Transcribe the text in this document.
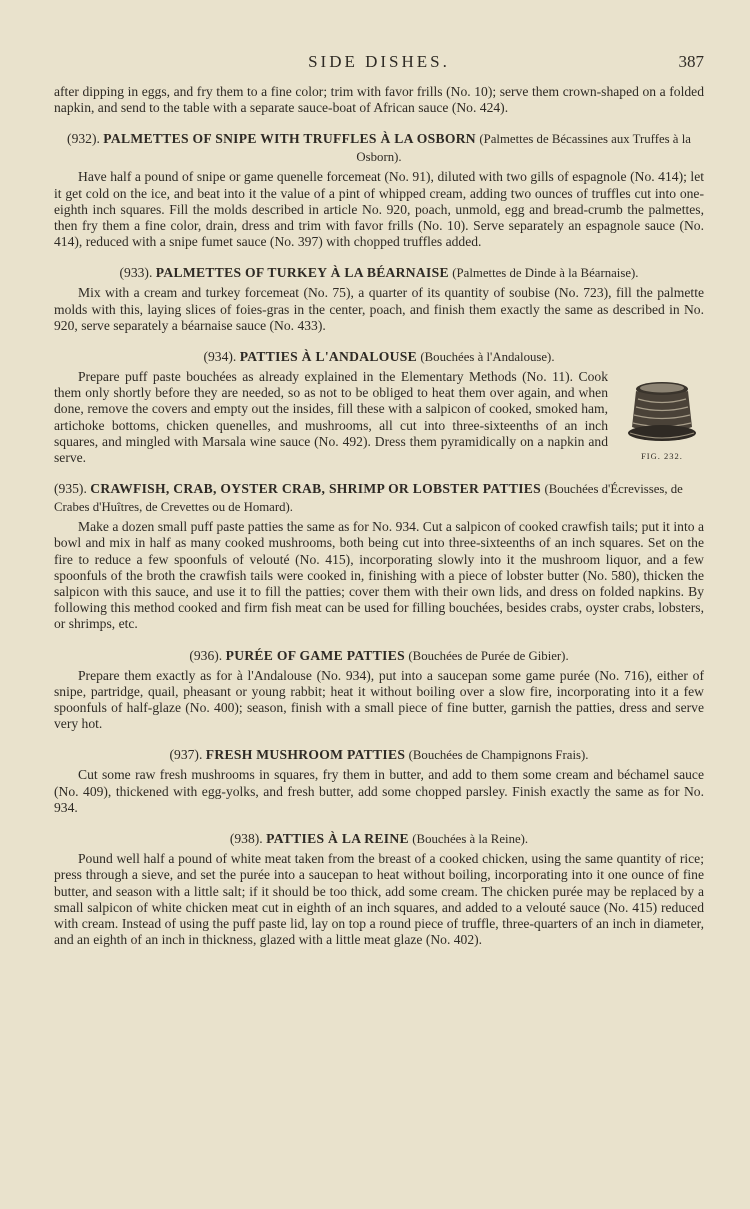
SIDE DISHES.	387

after dipping in eggs, and fry them to a fine color; trim with favor frills (No. 10); serve them crown-shaped on a folded napkin, and send to the table with a separate sauce-boat of African sauce (No. 424).

(932). PALMETTES OF SNIPE WITH TRUFFLES À LA OSBORN (Palmettes de Bécassines aux Truffes à la Osborn).

Have half a pound of snipe or game quenelle forcemeat (No. 91), diluted with two gills of espagnole (No. 414); let it get cold on the ice, and beat into it the value of a pint of whipped cream, adding two ounces of truffles cut into one-eighth inch squares. Fill the molds described in article No. 920, poach, unmold, egg and bread-crumb the palmettes, then fry them a fine color, drain, dress and trim with favor frills (No. 10). Serve separately an espagnole sauce (No. 414), reduced with a snipe fumet sauce (No. 397) with chopped truffles added.

(933). PALMETTES OF TURKEY À LA BÉARNAISE (Palmettes de Dinde à la Béarnaise).

Mix with a cream and turkey forcemeat (No. 75), a quarter of its quantity of soubise (No. 723), fill the palmette molds with this, laying slices of foies-gras in the center, poach, and finish them exactly the same as described in No. 920, serve separately a béarnaise sauce (No. 433).

(934). PATTIES À L'ANDALOUSE (Bouchées à l'Andalouse).

FIG. 232.

Prepare puff paste bouchées as already explained in the Elementary Methods (No. 11). Cook them only shortly before they are needed, so as not to be obliged to heat them over again, and when done, remove the covers and empty out the insides, fill these with a salpicon of cooked, smoked ham, artichoke bottoms, chicken quenelles, and mushrooms, all cut into three-sixteenths of an inch squares, and mingled with Marsala wine sauce (No. 492). Dress them pyramidically on a napkin and serve.

(935). CRAWFISH, CRAB, OYSTER CRAB, SHRIMP OR LOBSTER PATTIES (Bouchées d'Écrevisses, de Crabes d'Huîtres, de Crevettes ou de Homard).

Make a dozen small puff paste patties the same as for No. 934. Cut a salpicon of cooked crawfish tails; put it into a bowl and mix in half as many cooked mushrooms, both being cut into three-sixteenths of an inch squares. Set on the fire to reduce a few spoonfuls of velouté (No. 415), incorporating slowly into it the mushroom liquor, and a few spoonfuls of the broth the crawfish tails were cooked in, finishing with a piece of lobster butter (No. 580), thicken the salpicon with this sauce, and use it to fill the patties; cover them with their own lids, and dress on folded napkins. By following this method cooked and firm fish meat can be used for filling bouchées, besides crabs, oyster crabs, lobsters, or shrimps, etc.

(936). PURÉE OF GAME PATTIES (Bouchées de Purée de Gibier).

Prepare them exactly as for à l'Andalouse (No. 934), put into a saucepan some game purée (No. 716), either of snipe, partridge, quail, pheasant or young rabbit; heat it without boiling over a slow fire, incorporating into it a few spoonfuls of half-glaze (No. 400); season, finish with a small piece of fine butter, garnish the patties, dress and serve very hot.

(937). FRESH MUSHROOM PATTIES (Bouchées de Champignons Frais).

Cut some raw fresh mushrooms in squares, fry them in butter, and add to them some cream and béchamel sauce (No. 409), thickened with egg-yolks, and fresh butter, add some chopped parsley. Finish exactly the same as for No. 934.

(938). PATTIES À LA REINE (Bouchées à la Reine).

Pound well half a pound of white meat taken from the breast of a cooked chicken, using the same quantity of rice; press through a sieve, and set the purée into a saucepan to heat without boiling, incorporating into it one ounce of fine butter, and season with a little salt; if it should be too thick, add some cream. The chicken purée may be replaced by a small salpicon of white chicken meat cut in eighth of an inch squares, and added to a velouté sauce (No. 415) reduced with cream. Instead of using the puff paste lid, lay on top a round piece of truffle, three-quarters of an inch in diameter, and an eighth of an inch in thickness, glazed with a little meat glaze (No. 402).
